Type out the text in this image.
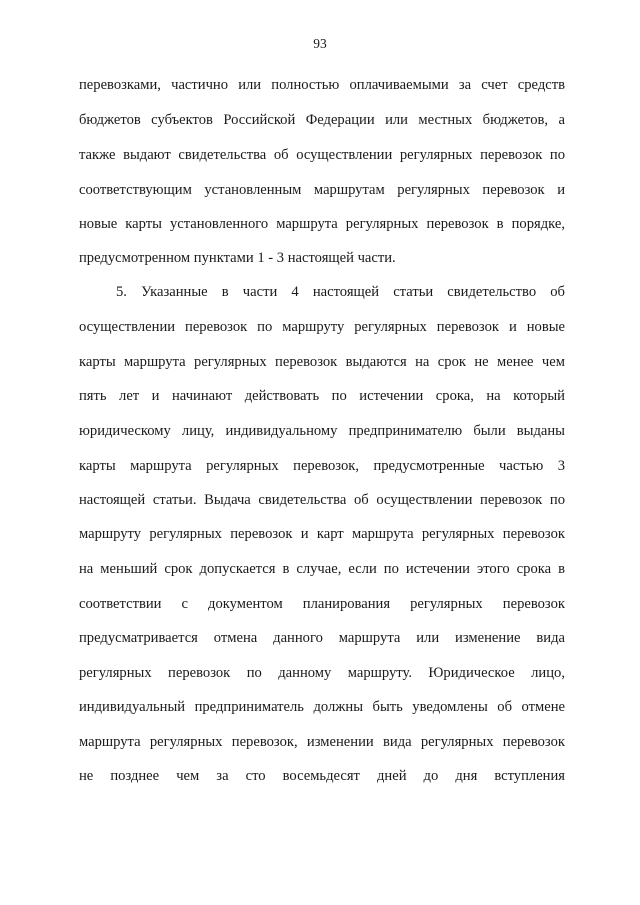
93
перевозками, частично или полностью оплачиваемыми за счет средств
бюджетов субъектов Российской Федерации или местных бюджетов, а
также выдают свидетельства об осуществлении регулярных перевозок по
соответствующим установленным маршрутам регулярных перевозок и
новые карты установленного маршрута регулярных перевозок в порядке,
предусмотренном пунктами 1 - 3 настоящей части.
5. Указанные в части 4 настоящей статьи свидетельство об
осуществлении перевозок по маршруту регулярных перевозок и новые
карты маршрута регулярных перевозок выдаются на срок не менее чем
пять лет и начинают действовать по истечении срока, на который
юридическому лицу, индивидуальному предпринимателю были выданы
карты маршрута регулярных перевозок, предусмотренные частью 3
настоящей статьи. Выдача свидетельства об осуществлении перевозок по
маршруту регулярных перевозок и карт маршрута регулярных перевозок
на меньший срок допускается в случае, если по истечении этого срока в
соответствии с документом планирования регулярных перевозок
предусматривается отмена данного маршрута или изменение вида
регулярных перевозок по данному маршруту. Юридическое лицо,
индивидуальный предприниматель должны быть уведомлены об отмене
маршрута регулярных перевозок, изменении вида регулярных перевозок
не позднее чем за сто восемьдесят дней до дня вступления
